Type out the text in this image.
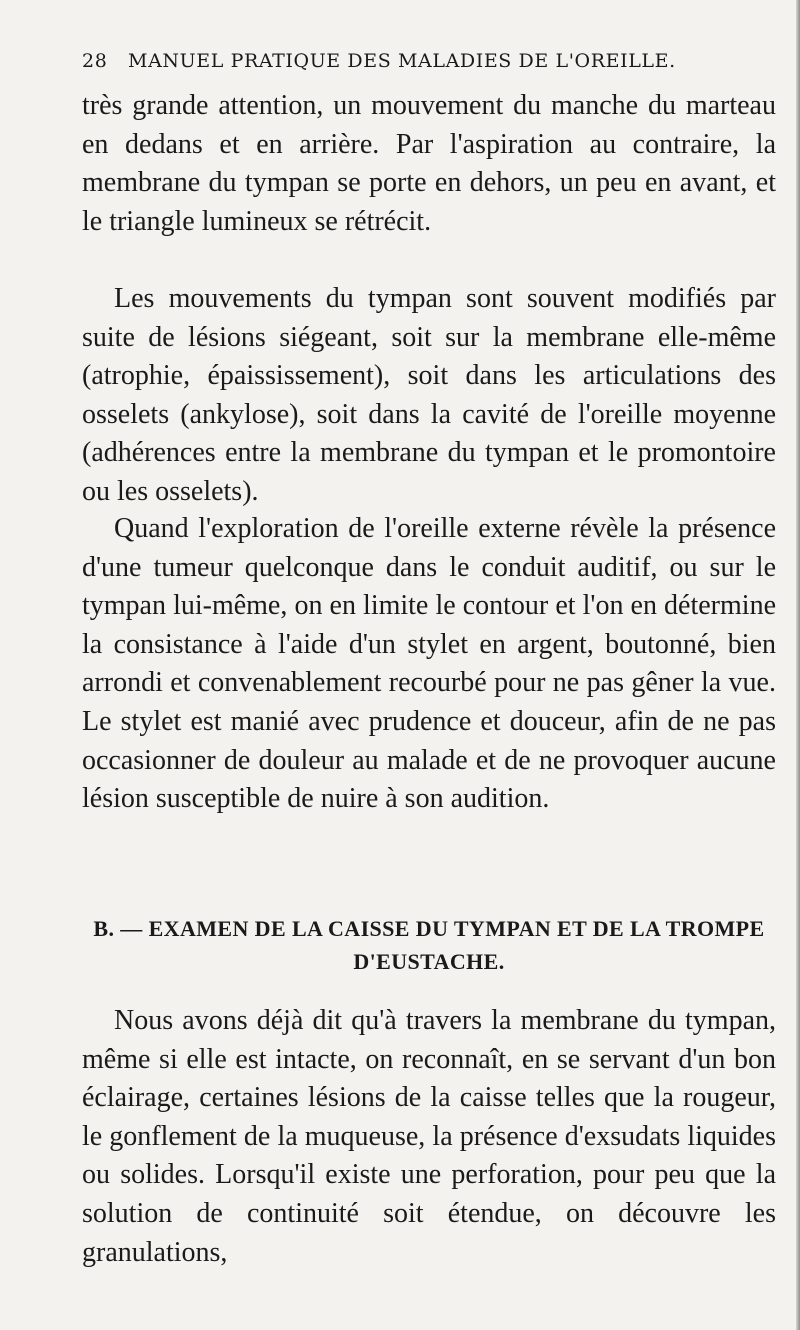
28 MANUEL PRATIQUE DES MALADIES DE L'OREILLE.

très grande attention, un mouvement du manche du marteau en dedans et en arrière. Par l'aspiration au contraire, la membrane du tympan se porte en dehors, un peu en avant, et le triangle lumineux se rétrécit.

Les mouvements du tympan sont souvent modifiés par suite de lésions siégeant, soit sur la membrane elle-même (atrophie, épaississement), soit dans les articulations des osselets (ankylose), soit dans la cavité de l'oreille moyenne (adhérences entre la membrane du tympan et le promontoire ou les osselets).

Quand l'exploration de l'oreille externe révèle la présence d'une tumeur quelconque dans le conduit auditif, ou sur le tympan lui-même, on en limite le contour et l'on en détermine la consistance à l'aide d'un stylet en argent, boutonné, bien arrondi et convenablement recourbé pour ne pas gêner la vue. Le stylet est manié avec prudence et douceur, afin de ne pas occasionner de douleur au malade et de ne provoquer aucune lésion susceptible de nuire à son audition.

B. — EXAMEN DE LA CAISSE DU TYMPAN ET DE LA TROMPE
D'EUSTACHE.

Nous avons déjà dit qu'à travers la membrane du tympan, même si elle est intacte, on reconnaît, en se servant d'un bon éclairage, certaines lésions de la caisse telles que la rougeur, le gonflement de la muqueuse, la présence d'exsudats liquides ou solides. Lorsqu'il existe une perforation, pour peu que la solution de continuité soit étendue, on découvre les granulations,
